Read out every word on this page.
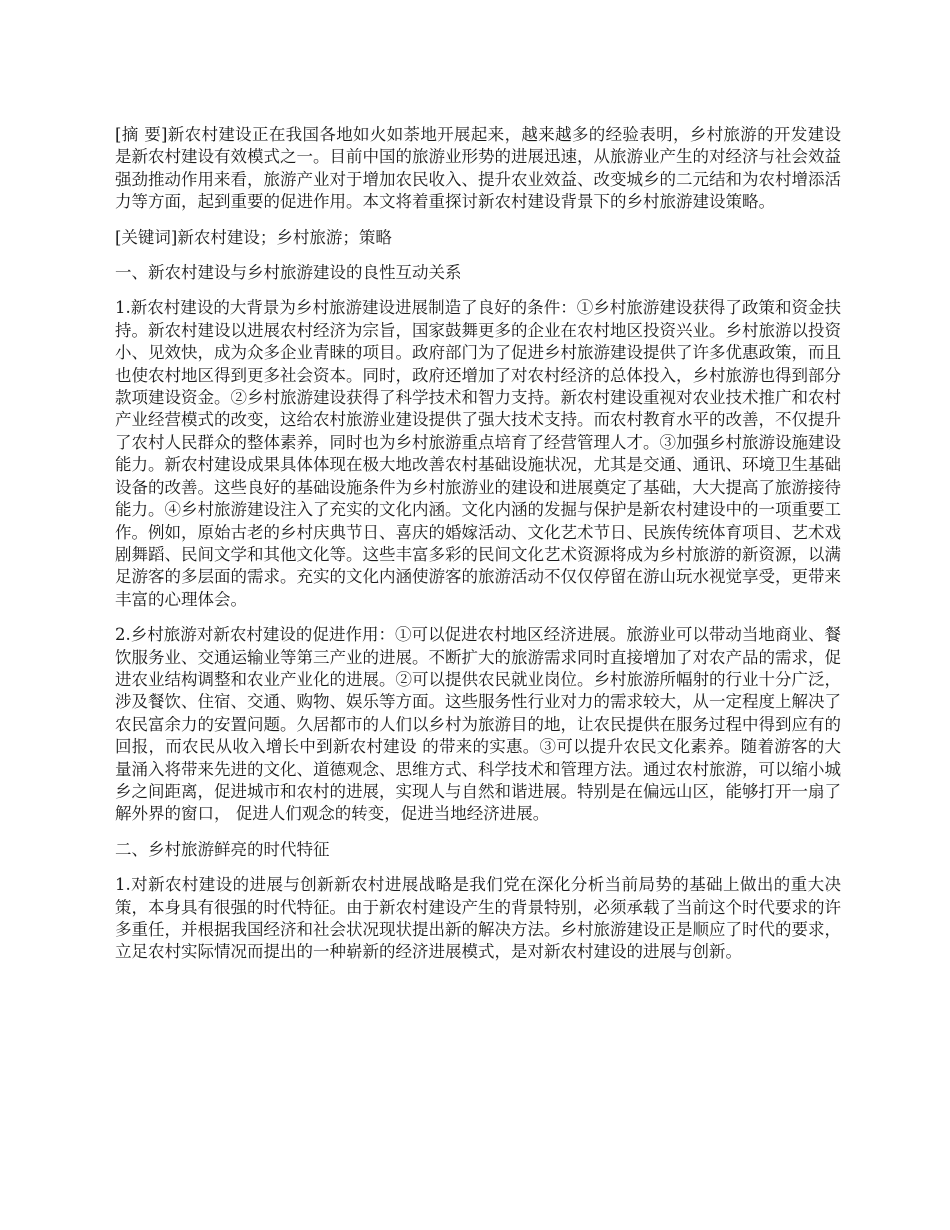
[摘 要]新农村建设正在我国各地如火如荼地开展起来，越来越多的经验表明，乡村旅游的开发建设是新农村建设有效模式之一。目前中国的旅游业形势的进展迅速，从旅游业产生的对经济与社会效益强劲推动作用来看，旅游产业对于增加农民收入、提升农业效益、改变城乡的二元结和为农村增添活力等方面，起到重要的促进作用。本文将着重探讨新农村建设背景下的乡村旅游建设策略。

[关键词]新农村建设；乡村旅游；策略

一、新农村建设与乡村旅游建设的良性互动关系

1.新农村建设的大背景为乡村旅游建设进展制造了良好的条件：①乡村旅游建设获得了政策和资金扶持。新农村建设以进展农村经济为宗旨，国家鼓舞更多的企业在农村地区投资兴业。乡村旅游以投资小、见效快，成为众多企业青睐的项目。政府部门为了促进乡村旅游建设提供了许多优惠政策，而且也使农村地区得到更多社会资本。同时，政府还增加了对农村经济的总体投入，乡村旅游也得到部分款项建设资金。②乡村旅游建设获得了科学技术和智力支持。新农村建设重视对农业技术推广和农村产业经营模式的改变，这给农村旅游业建设提供了强大技术支持。而农村教育水平的改善，不仅提升了农村人民群众的整体素养，同时也为乡村旅游重点培育了经营管理人才。③加强乡村旅游设施建设能力。新农村建设成果具体体现在极大地改善农村基础设施状况，尤其是交通、通讯、环境卫生基础设备的改善。这些良好的基础设施条件为乡村旅游业的建设和进展奠定了基础，大大提高了旅游接待能力。④乡村旅游建设注入了充实的文化内涵。文化内涵的发掘与保护是新农村建设中的一项重要工作。例如，原始古老的乡村庆典节日、喜庆的婚嫁活动、文化艺术节日、民族传统体育项目、艺术戏剧舞蹈、民间文学和其他文化等。这些丰富多彩的民间文化艺术资源将成为乡村旅游的新资源，以满足游客的多层面的需求。充实的文化内涵使游客的旅游活动不仅仅停留在游山玩水视觉享受，更带来丰富的心理体会。

2.乡村旅游对新农村建设的促进作用：①可以促进农村地区经济进展。旅游业可以带动当地商业、餐饮服务业、交通运输业等第三产业的进展。不断扩大的旅游需求同时直接增加了对农产品的需求，促进农业结构调整和农业产业化的进展。②可以提供农民就业岗位。乡村旅游所幅射的行业十分广泛，涉及餐饮、住宿、交通、购物、娱乐等方面。这些服务性行业对力的需求较大，从一定程度上解决了农民富余力的安置问题。久居都市的人们以乡村为旅游目的地，让农民提供在服务过程中得到应有的回报，而农民从收入增长中到新农村建设 的带来的实惠。③可以提升农民文化素养。随着游客的大量涌入将带来先进的文化、道德观念、思维方式、科学技术和管理方法。通过农村旅游，可以缩小城乡之间距离，促进城市和农村的进展，实现人与自然和谐进展。特别是在偏远山区，能够打开一扇了解外界的窗口， 促进人们观念的转变，促进当地经济进展。

二、乡村旅游鲜亮的时代特征

1.对新农村建设的进展与创新新农村进展战略是我们党在深化分析当前局势的基础上做出的重大决策，本身具有很强的时代特征。由于新农村建设产生的背景特别，必须承载了当前这个时代要求的许多重任，并根据我国经济和社会状况现状提出新的解决方法。乡村旅游建设正是顺应了时代的要求，立足农村实际情况而提出的一种崭新的经济进展模式，是对新农村建设的进展与创新。
